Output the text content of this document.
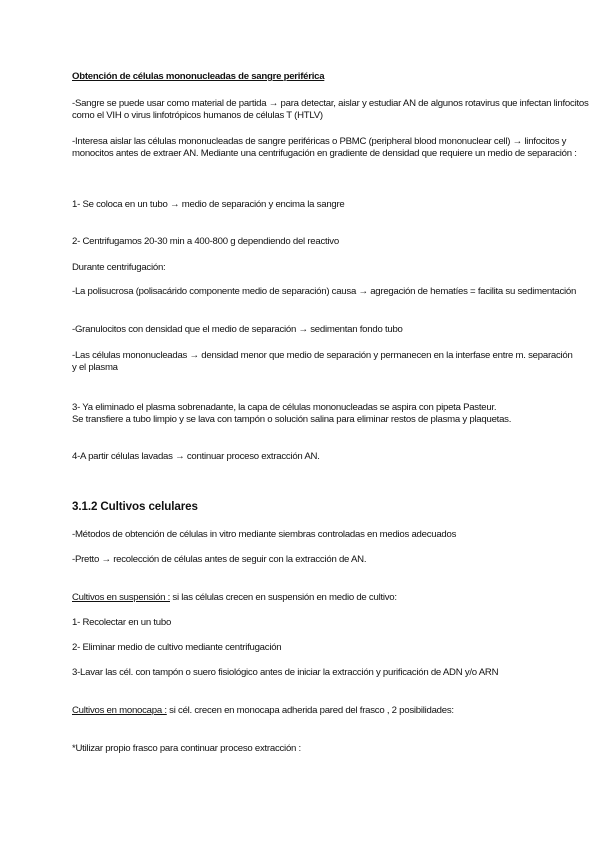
Obtención de células mononucleadas de sangre periférica

-Sangre se puede usar como material de partida → para detectar, aislar y estudiar AN de algunos rotavirus que infectan linfocitos como el VIH o virus linfotrópicos humanos de células T (HTLV)

-Interesa aislar las células mononucleadas de sangre periféricas o PBMC (peripheral blood mononuclear cell) → linfocitos y monocitos antes de extraer AN. Mediante una centrifugación en gradiente de densidad que requiere un medio de separación :

1- Se coloca en un tubo → medio de separación y encima la sangre

2- Centrifugamos 20-30 min a 400-800 g dependiendo del reactivo

Durante centrifugación:

-La polisucrosa (polisacárido componente medio de separación) causa → agregación de hematíes = facilita su sedimentación

-Granulocitos con densidad que el medio de separación → sedimentan fondo tubo

-Las células mononucleadas → densidad menor que medio de separación y permanecen en la interfase entre m. separación y el plasma

3- Ya eliminado el plasma sobrenadante, la capa de células mononucleadas se aspira con pipeta Pasteur.

Se transfiere a tubo limpio y se lava con tampón o solución salina para eliminar restos de plasma y plaquetas.

4-A partir células lavadas → continuar proceso extracción AN.

3.1.2 Cultivos celulares

-Métodos de obtención de células in vitro mediante siembras controladas en medios adecuados

-Pretto → recolección de células antes de seguir con la extracción de AN.

Cultivos en suspensión : si las células crecen en suspensión en medio de cultivo:

1- Recolectar en un tubo

2- Eliminar medio de cultivo mediante centrifugación

3-Lavar las cél. con tampón o suero fisiológico antes de iniciar la extracción y purificación de ADN y/o ARN

Cultivos en monocapa : si cél. crecen en monocapa adherida pared del frasco , 2 posibilidades:

*Utilizar propio frasco para continuar proceso extracción :
